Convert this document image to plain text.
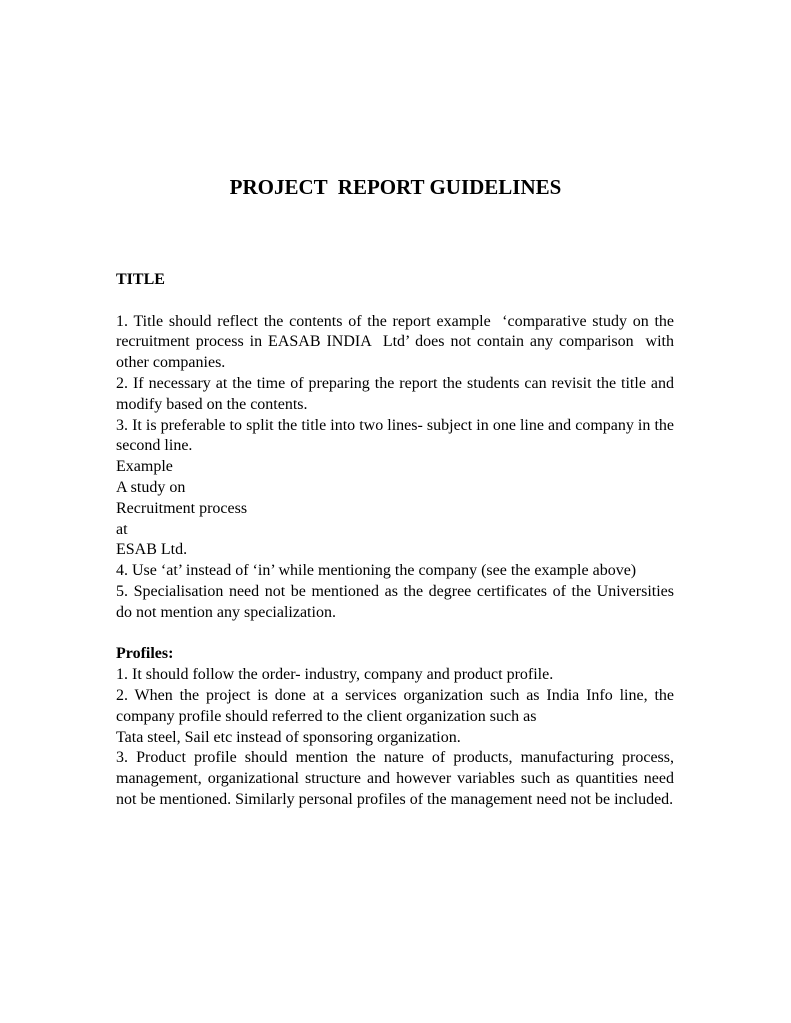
PROJECT  REPORT GUIDELINES
TITLE

1. Title should reflect the contents of the report example  ‘comparative study on the recruitment process in EASAB INDIA  Ltd’ does not contain any comparison  with other companies.

2. If necessary at the time of preparing the report the students can revisit the title and modify based on the contents.

3. It is preferable to split the title into two lines- subject in one line and company in the second line.

Example
A study on
Recruitment process
at
ESAB Ltd.

4. Use ‘at’ instead of ‘in’ while mentioning the company (see the example above)

5. Specialisation need not be mentioned as the degree certificates of the Universities do not mention any specialization.

Profiles:

1. It should follow the order- industry, company and product profile.

2. When the project is done at a services organization such as India Info line, the company profile should referred to the client organization such as

Tata steel, Sail etc instead of sponsoring organization.

3. Product profile should mention the nature of products, manufacturing process, management, organizational structure and however variables such as quantities need not be mentioned. Similarly personal profiles of the management need not be included.
